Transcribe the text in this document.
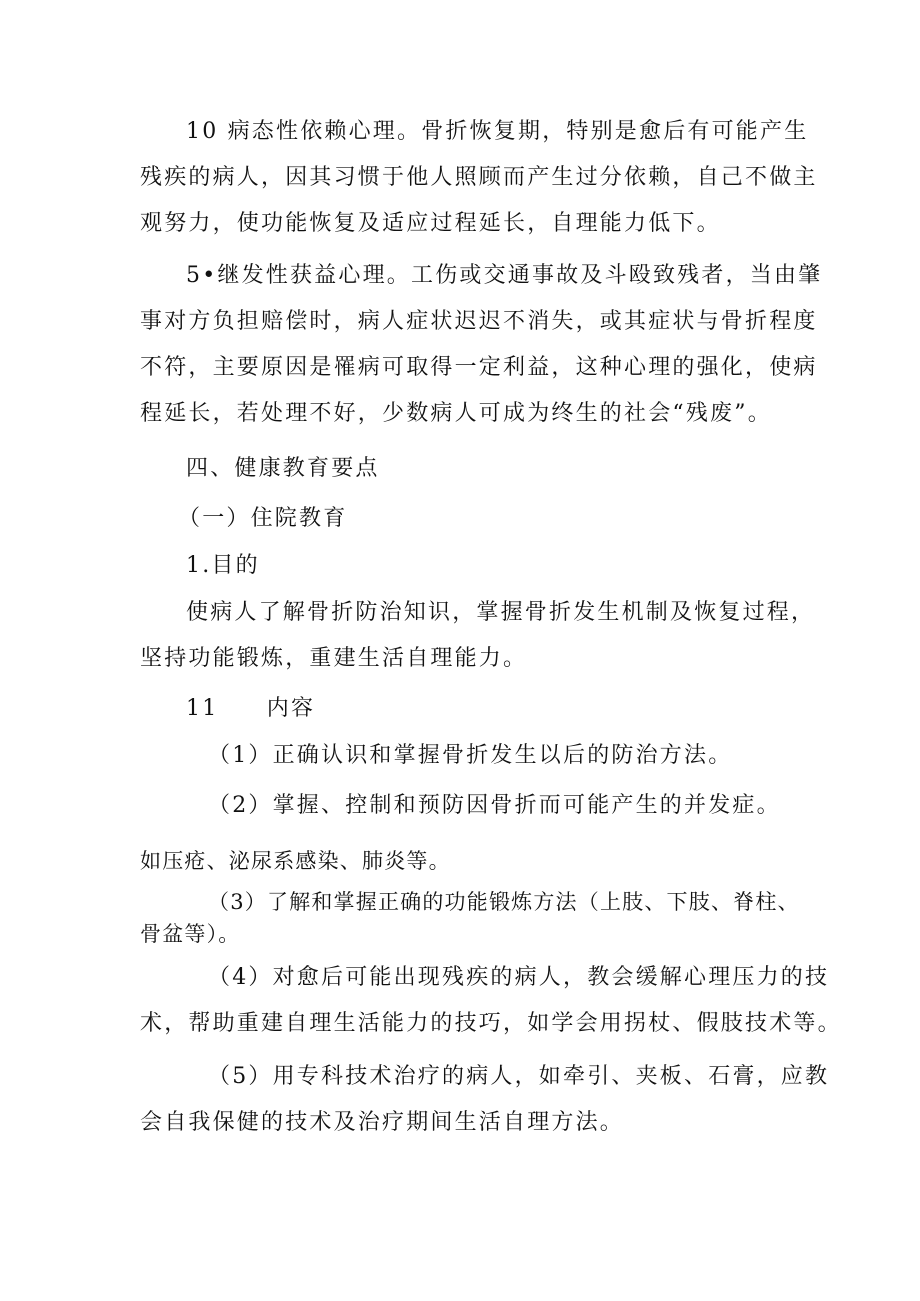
10 病态性依赖心理。骨折恢复期，特别是愈后有可能产生
残疾的病人，因其习惯于他人照顾而产生过分依赖，自己不做主
观努力，使功能恢复及适应过程延长，自理能力低下。
5•继发性获益心理。工伤或交通事故及斗殴致残者，当由肇
事对方负担赔偿时，病人症状迟迟不消失，或其症状与骨折程度
不符，主要原因是罹病可取得一定利益，这种心理的强化，使病
程延长，若处理不好，少数病人可成为终生的社会“残废”。
四、健康教育要点
（一）住院教育
1.目的
使病人了解骨折防治知识，掌握骨折发生机制及恢复过程，
坚持功能锻炼，重建生活自理能力。
11　　内容
（1）正确认识和掌握骨折发生以后的防治方法。
（2）掌握、控制和预防因骨折而可能产生的并发症。
如压疮、泌尿系感染、肺炎等。
（3）了解和掌握正确的功能锻炼方法（上肢、下肢、脊柱、
骨盆等）。
（4）对愈后可能出现残疾的病人，教会缓解心理压力的技
术，帮助重建自理生活能力的技巧，如学会用拐杖、假肢技术等。
（5）用专科技术治疗的病人，如牵引、夹板、石膏，应教
会自我保健的技术及治疗期间生活自理方法。
